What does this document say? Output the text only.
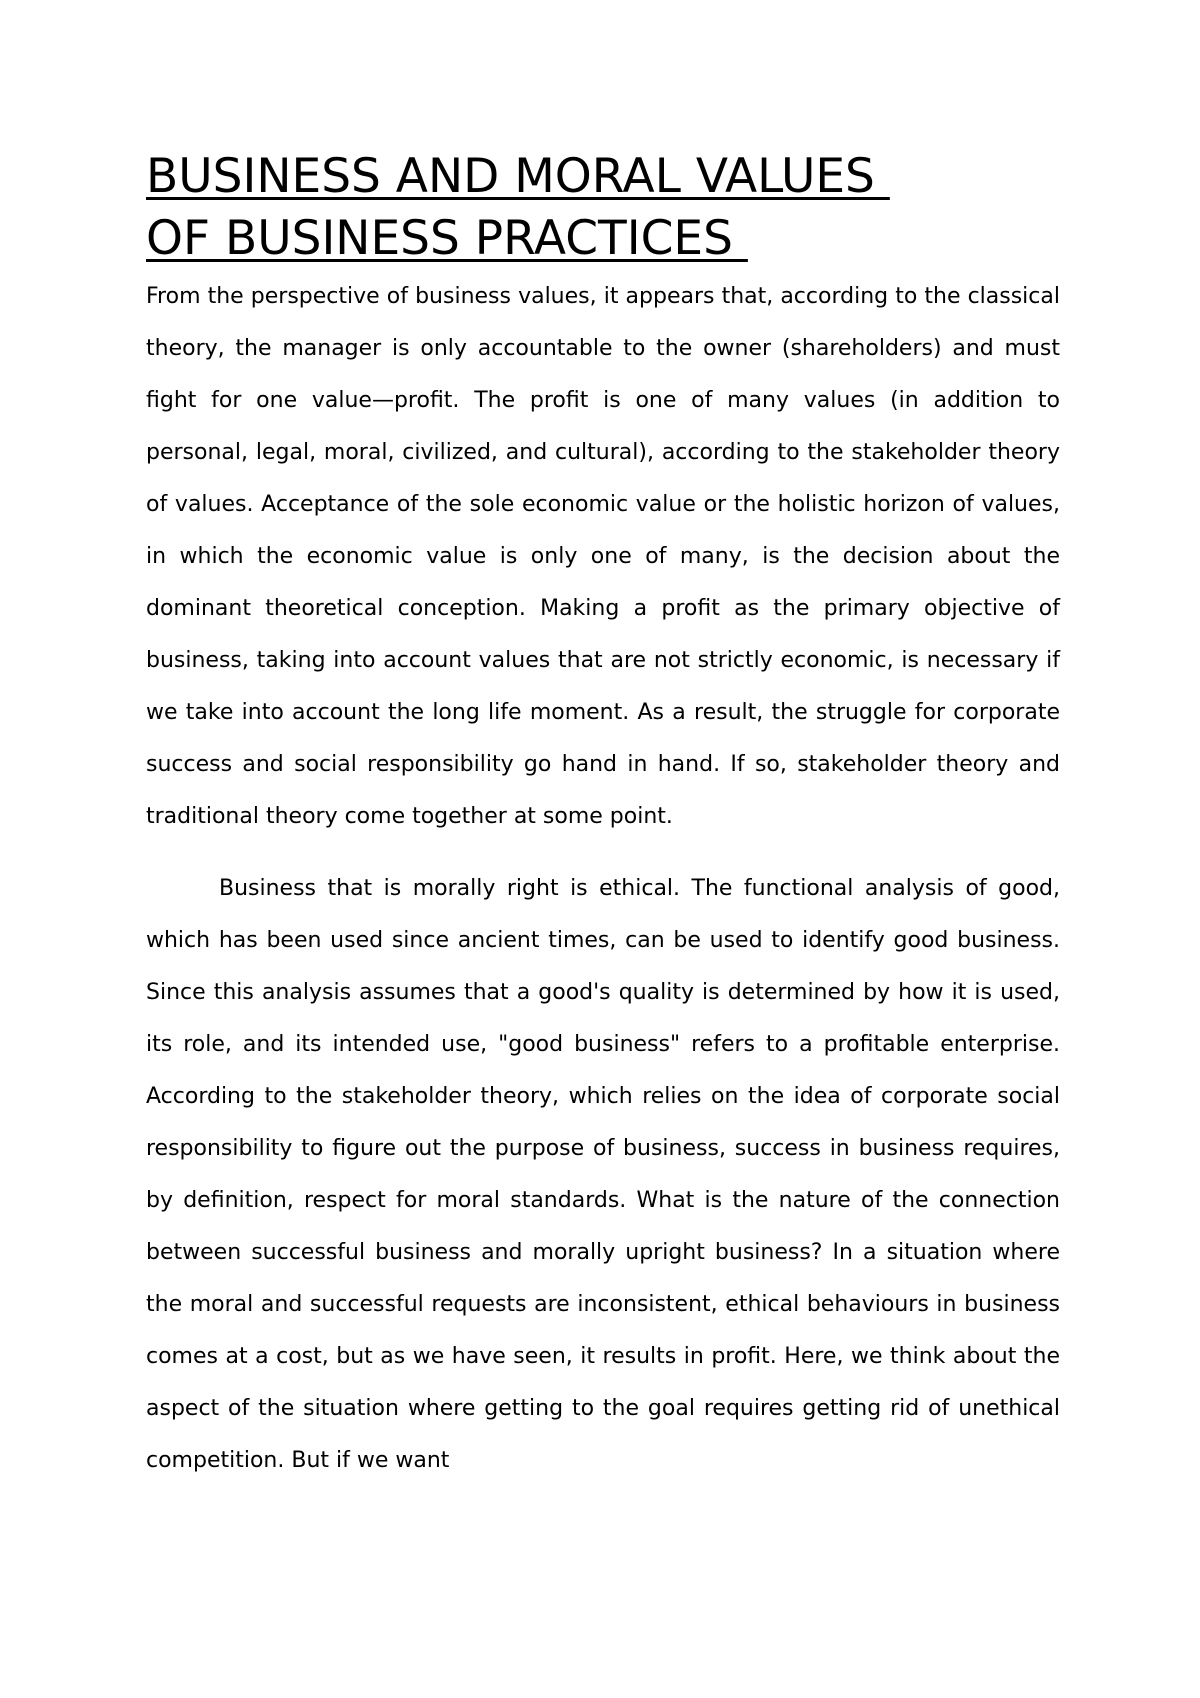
BUSINESS AND MORAL VALUES
OF BUSINESS PRACTICES

From the perspective of business values, it appears that, according to the classical theory, the manager is only accountable to the owner (shareholders) and must fight for one value—profit. The profit is one of many values (in addition to personal, legal, moral, civilized, and cultural), according to the stakeholder theory of values. Acceptance of the sole economic value or the holistic horizon of values, in which the economic value is only one of many, is the decision about the dominant theoretical conception. Making a profit as the primary objective of business, taking into account values that are not strictly economic, is necessary if we take into account the long life moment. As a result, the struggle for corporate success and social responsibility go hand in hand. If so, stakeholder theory and traditional theory come together at some point.

Business that is morally right is ethical. The functional analysis of good, which has been used since ancient times, can be used to identify good business. Since this analysis assumes that a good's quality is determined by how it is used, its role, and its intended use, "good business" refers to a profitable enterprise. According to the stakeholder theory, which relies on the idea of corporate social responsibility to figure out the purpose of business, success in business requires, by definition, respect for moral standards. What is the nature of the connection between successful business and morally upright business? In a situation where the moral and successful requests are inconsistent, ethical behaviours in business comes at a cost, but as we have seen, it results in profit. Here, we think about the aspect of the situation where getting to the goal requires getting rid of unethical competition. But if we want
